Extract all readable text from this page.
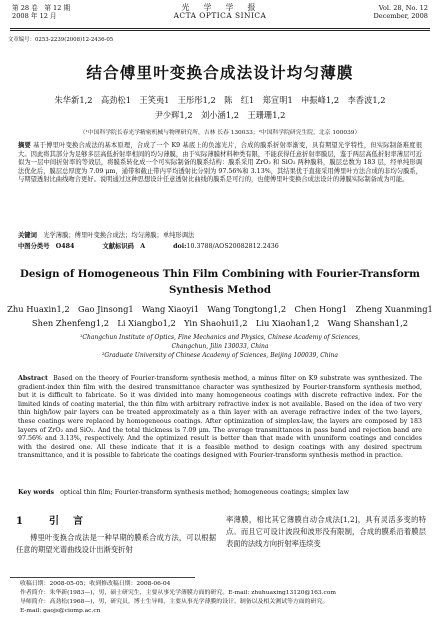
第 28 卷　第 12 期
2008 年 12 月
光　学　学　报
ACTA OPTICA SINICA
Vol. 28, No. 12
December, 2008
文章编号：0253-2239(2008)12-2436-05
结合傅里叶变换合成法设计均匀薄膜
朱华新1,2　高劲松1　王笑夷1　王彤彤1,2　陈　红1　郑宣明1　申振峰1,2　李香波1,2
尹少辉1,2　刘小涵1,2　王珊珊1,2
（¹中国科学院长春光学精密机械与物理研究所，吉林 长春 130033；²中国科学院研究生院，北京 100039）
摘要 基于傅里叶变换合成法的基本原理，合成了一个 K9 基底上的负滤光片，合成的膜系折射率渐变，具有期望光学特性，但实际制备难度很大。因此将其部分为足够多层高低折射率相间的均匀薄膜，由于实际薄膜材料种类有限，不能获得任意折射率膜层，鉴于两层高低折射率薄层可近似为一层中间折射率的等效层，将膜系转化成一个可实际制备的膜系结构：膜系采用 ZrO₂ 和 SiO₂ 两种膜料，膜层总数为 183 层，经单纯形调法优化后，膜层总厚度为 7.09 μm，通带和截止带内平均透射比分别为 97.56%和 3.13%，其结果优于直接采用傅里叶方法合成的非均匀膜系，与期望透射比曲线吻合更好。说明通过这种思想设计任意透射比曲线的膜系是可行的，也使傅里叶变换合成法设计的薄膜实际制备成为可能。
关键词　 光学薄膜；傅里叶变换合成法；均匀薄膜；单纯形调法
中图分类号　 O484	文献标识码　 A	doi:10.3788/AOS20082812.2436
Design of Homogeneous Thin Film Combining with Fourier-Transform Synthesis Method
Zhu Huaxin1,2　Gao Jinsong1　Wang Xiaoyi1　Wang Tongtong1,2　Chen Hong1　Zheng Xuanming1
Shen Zhenfeng1,2　Li Xiangbo1,2　Yin Shaohui1,2　Liu Xiaohan1,2　Wang Shanshan1,2
¹Changchun Institute of Optics, Fine Mechanics and Physics, Chinese Academy of Sciences,
Changchun, Jilin 130033, China
²Graduate University of Chinese Academy of Sciences, Beijing 100039, China
Abstract Based on the theory of Fourier-transform synthesis method, a minus filter on K9 substrate was synthesized. The gradient-index thin film with the desired transmittance character was synthesized by Fourier-transform synthesis method, but it is difficult to fabricate. So it was divided into many homogeneous coatings with discrete refractive index. For the limited kinds of coating material, the thin film with arbitrary refractive index is not available. Based on the idea of two very thin high/low pair layers can be treated approximately as a thin layer with an average refractive index of the two layers, these coatings were replaced by homogeneous coatings. After optimization of simplex-law, the layers are composed by 183 layers of ZrO₂ and SiO₂. And the total thickness is 7.09 μm. The average transmittances in pass band and rejection band are 97.56% and 3.13%, respectively. And the optimized result is better than that made with ununiform coatings and concides with the desired one. All these indicate that it is a feasible method to design coatings with any desired spectrum transmittance, and it is possible to fabricate the coatings designed with Fourier-transform synthesis method in practice.
Key words optical thin film; Fourier-transform synthesis method; homogeneous coatings; simplex law
1	引言
傅里叶变换合成法是一种早期的膜系合成方法，可以根据任意的期望光谱曲线设计出渐变折射
率薄膜，相比其它薄膜自动合成法[1,2]，具有灵活多变的特点。而且它可设计波段和波形没有限制，合成的膜系沿着膜层表面的法线方向折射率连续变
收稿日期：2008-05-05；收到修改稿日期：2008-06-04
作者简介：朱华新(1983—)，男，硕士研究生，主要从事光学薄膜方面的研究。E-mail: zhuhuaxing13120@163.com
导师简介：高劲松(1968—)，男，研究员，博士生导师，主要从事光学薄膜的设计、制备以及相关测试等方面的研究。
E-mail: gaojs@ciomp.ac.cn
